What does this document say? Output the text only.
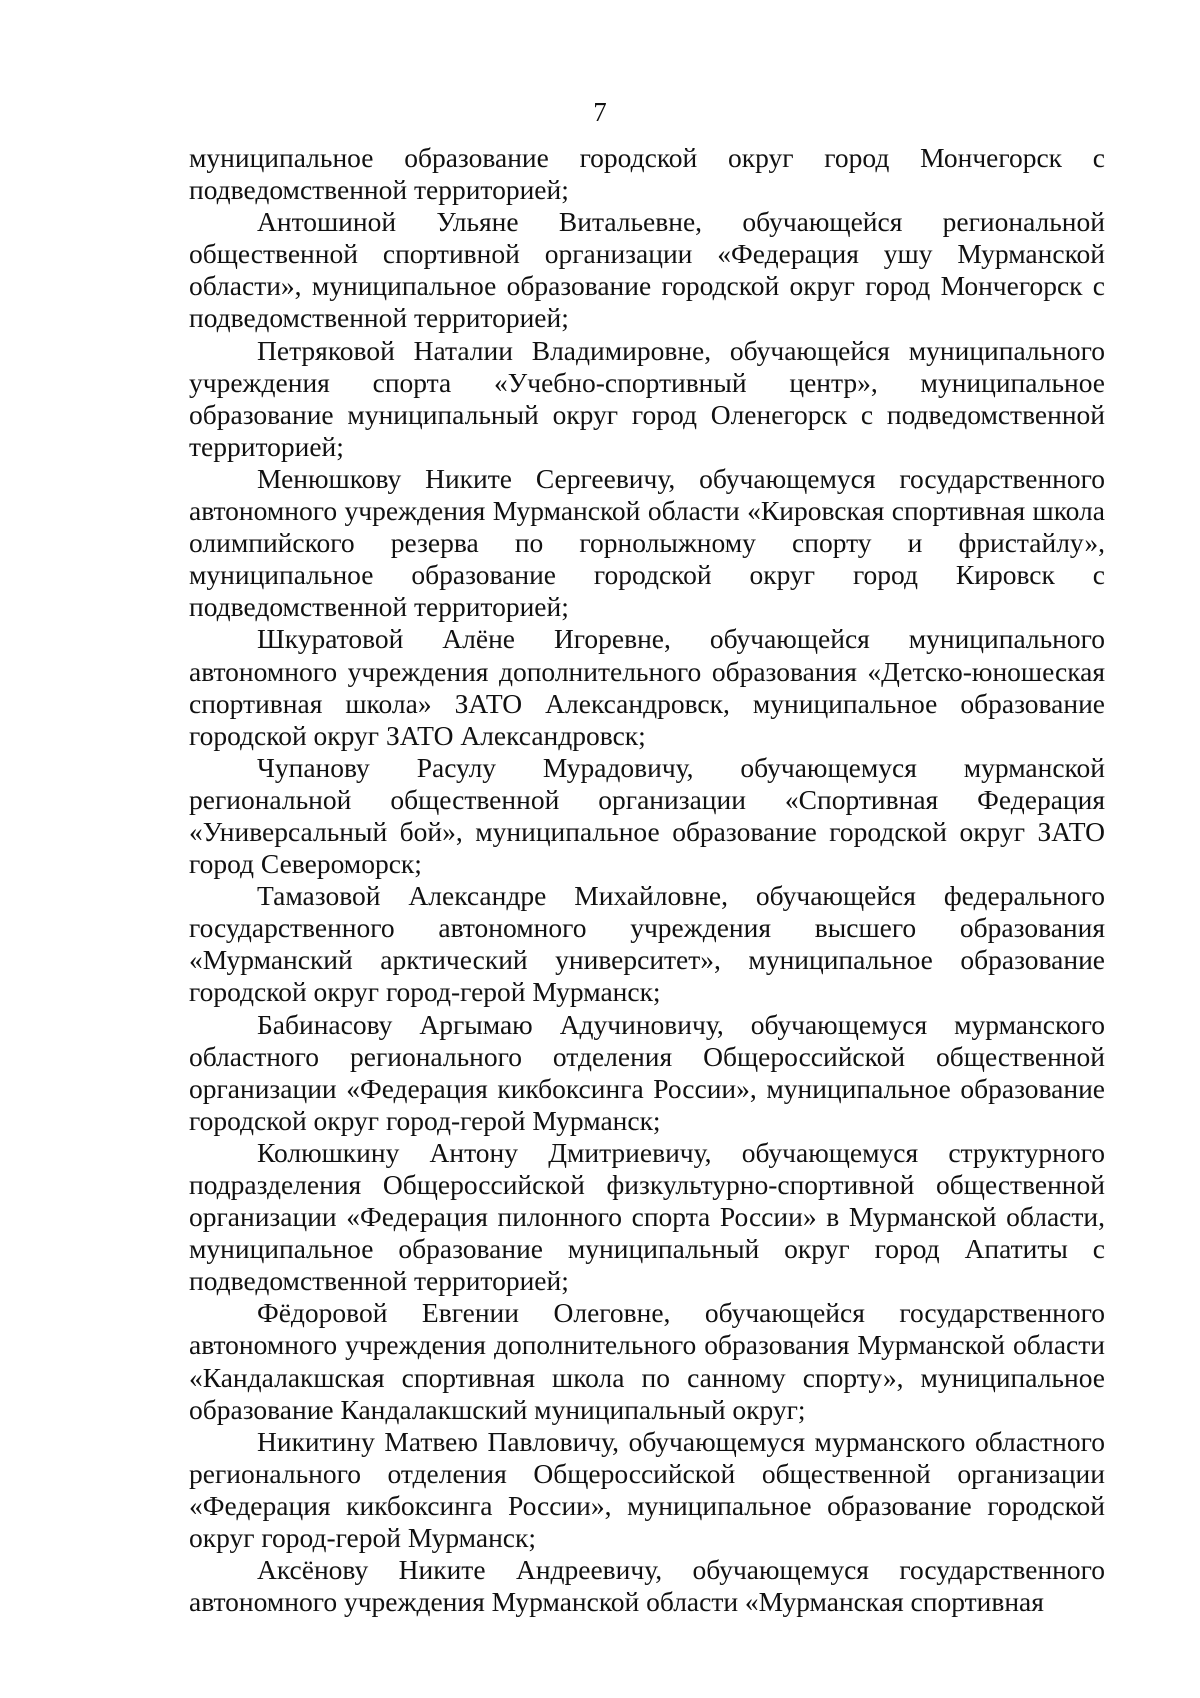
7

муниципальное образование городской округ город Мончегорск с подведомственной территорией;

Антошиной Ульяне Витальевне, обучающейся региональной общественной спортивной организации «Федерация ушу Мурманской области», муниципальное образование городской округ город Мончегорск с подведомственной территорией;

Петряковой Наталии Владимировне, обучающейся муниципального учреждения спорта «Учебно-спортивный центр», муниципальное образование муниципальный округ город Оленегорск с подведомственной территорией;

Менюшкову Никите Сергеевичу, обучающемуся государственного автономного учреждения Мурманской области «Кировская спортивная школа олимпийского резерва по горнолыжному спорту и фристайлу», муниципальное образование городской округ город Кировск с подведомственной территорией;

Шкуратовой Алёне Игоревне, обучающейся муниципального автономного учреждения дополнительного образования «Детско-юношеская спортивная школа» ЗАТО Александровск, муниципальное образование городской округ ЗАТО Александровск;

Чупанову Расулу Мурадовичу, обучающемуся мурманской региональной общественной организации «Спортивная Федерация «Универсальный бой», муниципальное образование городской округ ЗАТО город Североморск;

Тамазовой Александре Михайловне, обучающейся федерального государственного автономного учреждения высшего образования «Мурманский арктический университет», муниципальное образование городской округ город-герой Мурманск;

Бабинасову Аргымаю Адучиновичу, обучающемуся мурманского областного регионального отделения Общероссийской общественной организации «Федерация кикбоксинга России», муниципальное образование городской округ город-герой Мурманск;

Колюшкину Антону Дмитриевичу, обучающемуся структурного подразделения Общероссийской физкультурно-спортивной общественной организации «Федерация пилонного спорта России» в Мурманской области, муниципальное образование муниципальный округ город Апатиты с подведомственной территорией;

Фёдоровой Евгении Олеговне, обучающейся государственного автономного учреждения дополнительного образования Мурманской области «Кандалакшская спортивная школа по санному спорту», муниципальное образование Кандалакшский муниципальный округ;

Никитину Матвею Павловичу, обучающемуся мурманского областного регионального отделения Общероссийской общественной организации «Федерация кикбоксинга России», муниципальное образование городской округ город-герой Мурманск;

Аксёнову Никите Андреевичу, обучающемуся государственного автономного учреждения Мурманской области «Мурманская спортивная
